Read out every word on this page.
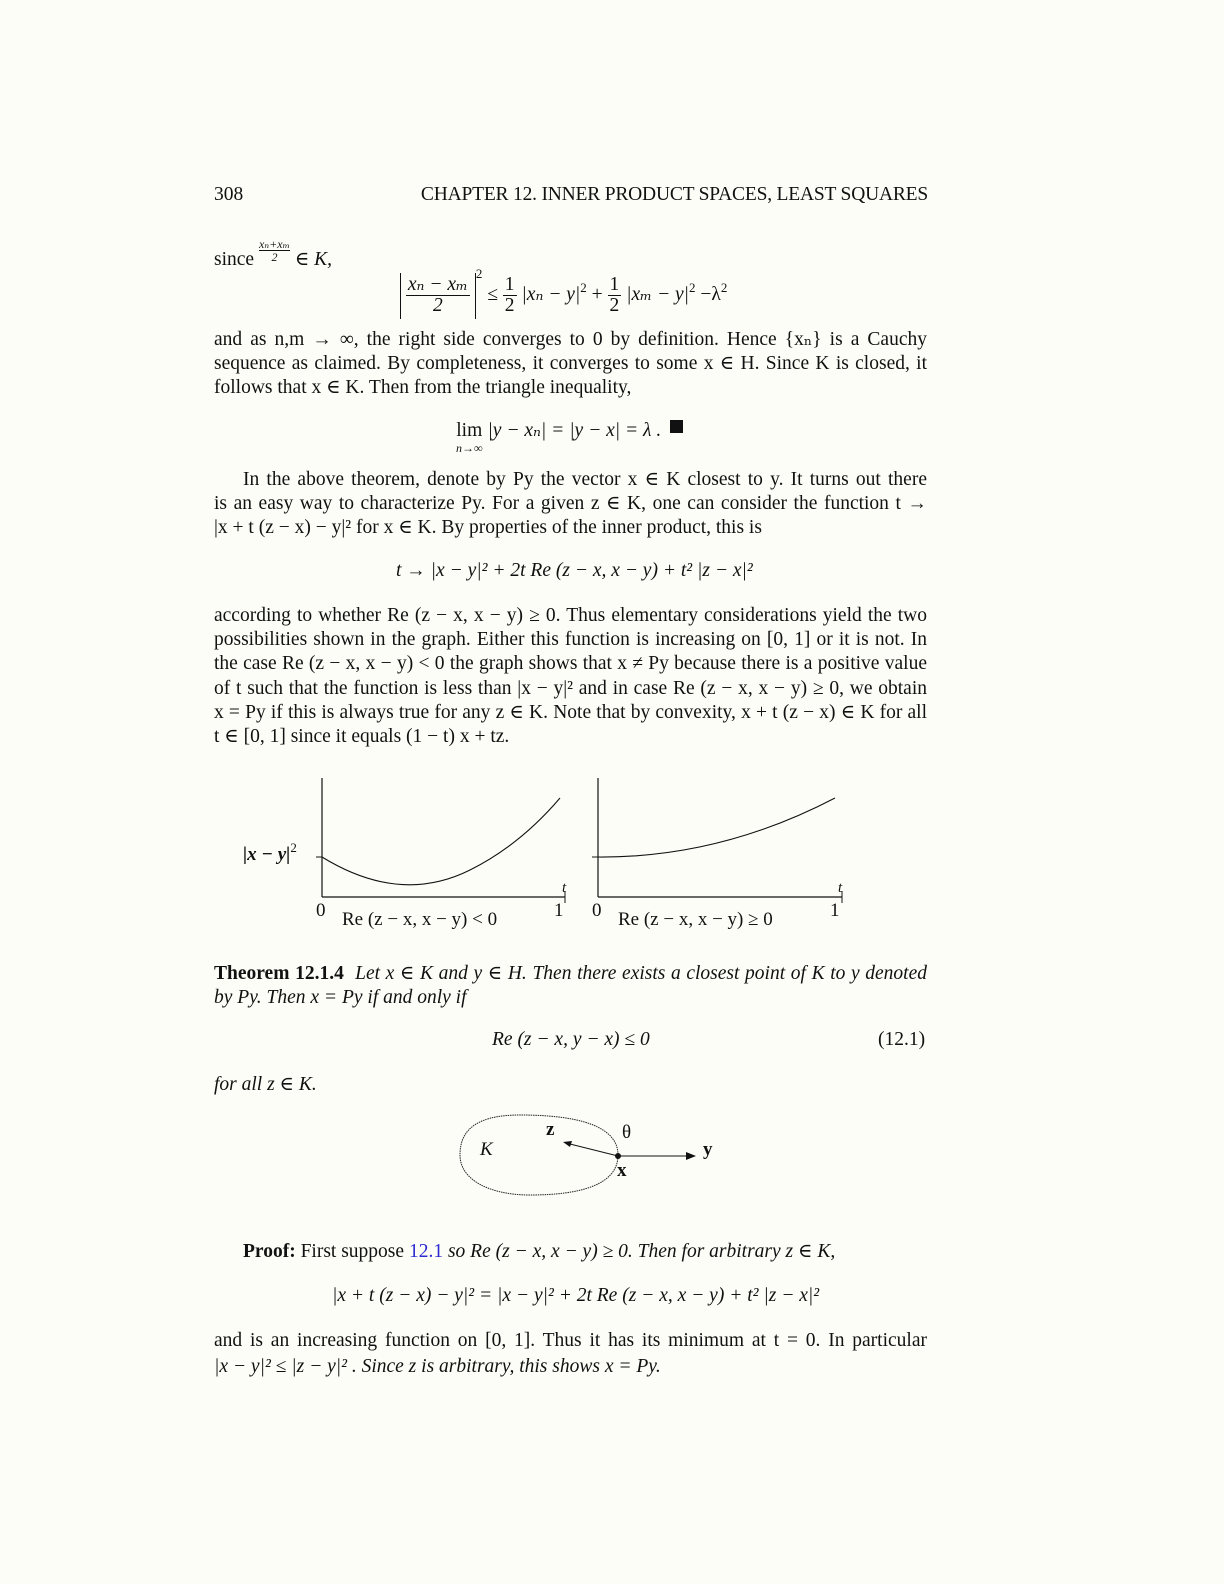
308	CHAPTER 12. INNER PRODUCT SPACES, LEAST SQUARES
since $\frac{\text{xₙ+xₘ}}{2}$ ∈ K,

$\frac{\text{xₙ − xₘ}}{2}$
$^2 \le \frac{1}{2} |x_n - y|^2 + \frac{1}{2} |x_m - y|^2 -\lambda^2$
and as n,m → ∞, the right side converges to 0 by definition. Hence {xₙ} is a Cauchy
sequence as claimed. By completeness, it converges to some x ∈ H. Since K is closed, it
follows that x ∈ K. Then from the triangle inequality,
lim
n→∞
|y − xₙ| = |y − x| = λ .
In the above theorem, denote by Py the vector x ∈ K closest to y. It turns out there
is an easy way to characterize Py. For a given z ∈ K, one can consider the function t →
|x + t (z − x) − y|² for x ∈ K. By properties of the inner product, this is
t → |x − y|² + 2t Re (z − x, x − y) + t² |z − x|²
according to whether Re (z − x, x − y) ≥ 0. Thus elementary considerations yield the two
possibilities shown in the graph. Either this function is increasing on [0, 1] or it is not. In
the case Re (z − x, x − y) < 0 the graph shows that x ≠ Py because there is a positive value
of t such that the function is less than |x − y|² and in case Re (z − x, x − y) ≥ 0, we obtain
x = Py if this is always true for any z ∈ K. Note that by convexity, x + t (z − x) ∈ K for all
t ∈ [0, 1] since it equals (1 − t) x + tz.
$|x - y|^2$
t
0	1
Re (z − x, x − y) < 0
t
0	1
Re (z − x, x − y) ≥ 0
Theorem 12.1.4 Let x ∈ K and y ∈ H. Then there exists a closest point of K to y denoted
by Py. Then x = Py if and only if
Re (z − x, y − x) ≤ 0	(12.1)
for all z ∈ K.
K
z	θ
x
y
Proof: First suppose 12.1 so Re (z − x, x − y) ≥ 0. Then for arbitrary z ∈ K,
|x + t (z − x) − y|² = |x − y|² + 2t Re (z − x, x − y) + t² |z − x|²
and is an increasing function on [0, 1]. Thus it has its minimum at t = 0. In particular
|x − y|² ≤ |z − y|² . Since z is arbitrary, this shows x = Py.
